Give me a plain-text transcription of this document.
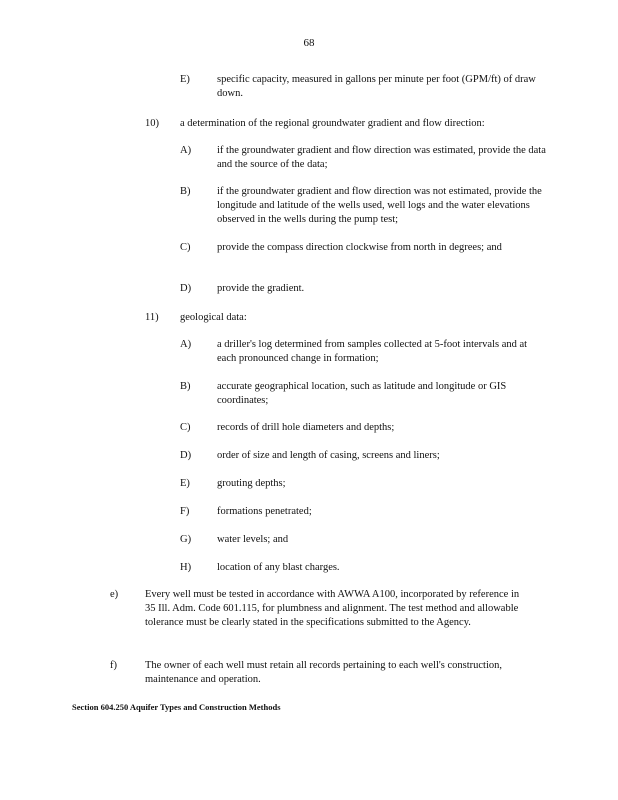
68
E)	specific capacity, measured in gallons per minute per foot (GPM/ft) of draw down.
10) a determination of the regional groundwater gradient and flow direction:
A) if the groundwater gradient and flow direction was estimated, provide the data and the source of the data;
B)	if the groundwater gradient and flow direction was not estimated, provide the longitude and latitude of the wells used, well logs and the water elevations observed in the wells during the pump test;
C)	provide the compass direction clockwise from north in degrees; and
D) provide the gradient.
11) geological data:
A) a driller's log determined from samples collected at 5-foot intervals and at each pronounced change in formation;
B)	accurate geographical location, such as latitude and longitude or GIS coordinates;
C)	records of drill hole diameters and depths;
D) order of size and length of casing, screens and liners;
E)	grouting depths;
F)	formations penetrated;
G) water levels; and
H) location of any blast charges.
e)	Every well must be tested in accordance with AWWA A100, incorporated by reference in 35 Ill. Adm. Code 601.115, for plumbness and alignment. The test method and allowable tolerance must be clearly stated in the specifications submitted to the Agency.
f)	The owner of each well must retain all records pertaining to each well's construction, maintenance and operation.
Section 604.250 Aquifer Types and Construction Methods
